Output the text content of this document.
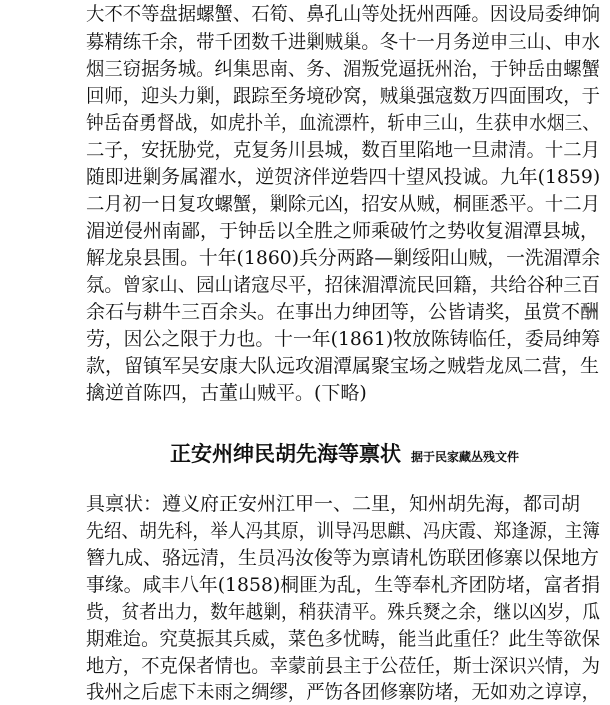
大不不等盘据螺蟹、石筍、鼻孔山等处抚州西陲。因设局委绅饷
募精练千余，带千团数千进剿贼巢。冬十一月务逆申三山、申水
烟三窃据务城。纠集思南、务、湄叛党逼抚州治，于钟岳由螺蟹
回师，迎头力剿，跟踪至务境砂窝，贼巢强寇数万四面围攻，于
钟岳奋勇督战，如虎扑羊，血流漂杵，斩申三山，生获申水烟三、
二子，安抚胁党，克复务川县城，数百里陷地一旦肃清。十二月
随即进剿务属濯水，逆贺济伴逆砦四十望风投诚。九年(1859)
二月初一日复攻螺蟹，剿除元凶，招安从贼，桐匪悉平。十二月
湄逆侵州南鄙，于钟岳以全胜之师乘破竹之势收复湄潭县城，
解龙泉县围。十年(1860)兵分两路—剿绥阳山贼，一洗湄潭余
氛。曾家山、园山诸寇尽平，招徕湄潭流民回籍，共给谷种三百
余石与耕牛三百余头。在事出力绅团等，公皆请奖，虽赏不酬
劳，因公之限于力也。十一年(1861)牧放陈铸临任，委局绅筹
款，留镇军吴安康大队远攻湄潭属聚宝场之贼砦龙凤二营，生
擒逆首陈四，古董山贼平。(下略)
正安州绅民胡先海等禀状 据于民家藏丛残文件
具禀状：遵义府正安州江甲一、二里，知州胡先海，都司胡
先绍、胡先科，举人冯其原，训导冯思麒、冯庆霞、郑逢源，主簿
簪九成、骆远清，生员冯汝俊等为禀请札饬联团修寨以保地方
事缘。咸丰八年(1858)桐匪为乱，生等奉札齐团防堵，富者捐
赀，贫者出力，数年越剿，稍获清平。殊兵燹之余，继以凶岁，瓜
期难迨。究莫振其兵威，菜色多忧畴，能当此重任？此生等欲保
地方，不克保者情也。幸蒙前县主于公莅任，斯士深识兴情，为
我州之后虑下未雨之绸缪，严饬各团修寨防堵，无如劝之谆谆，
